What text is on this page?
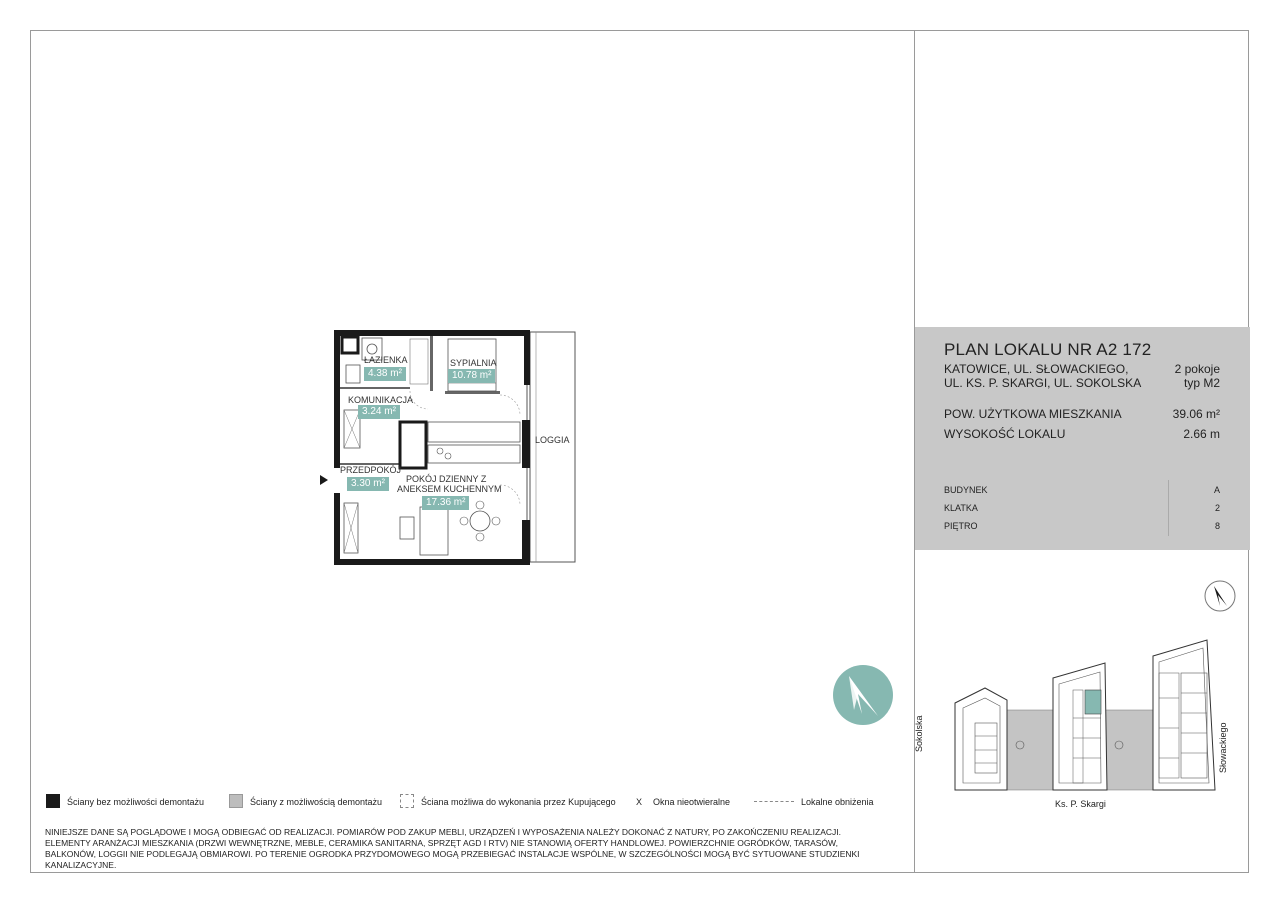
ŁAZIENKA
4.38 m²
SYPIALNIA
10.78 m²
KOMUNIKACJA
3.24 m²
PRZEDPOKÓJ
3.30 m²	POKÓJ DZIENNY Z
ANEKSEM KUCHENNYM
17.36 m²
LOGGIA
PLAN LOKALU NR A2 172
KATOWICE, UL. SŁOWACKIEGO,
UL. KS. P. SKARGI, UL. SOKOLSKA
2 pokoje
typ M2
POW. UŻYTKOWA MIESZKANIA	39.06 m²
WYSOKOŚĆ LOKALU	2.66 m
BUDYNEK	A
KLATKA	2
PIĘTRO	8
Sokolska
Ks. P. Skargi
Słowackiego
Ściany bez możliwości demontażu	Ściany z możliwością demontażu	Ściana możliwa do wykonania przez Kupującego X Okna nieotwieralne	Lokalne obniżenia
NINIEJSZE DANE SĄ POGLĄDOWE I MOGĄ ODBIEGAĆ OD REALIZACJI. POMIARÓW POD ZAKUP MEBLI, URZĄDZEŃ I WYPOSAŻENIA NALEŻY DOKONAĆ Z NATURY, PO ZAKOŃCZENIU REALIZACJI. ELEMENTY ARANŻACJI MIESZKANIA (DRZWI WEWNĘTRZNE, MEBLE, CERAMIKA SANITARNA, SPRZĘT AGD I RTV) NIE STANOWIĄ OFERTY HANDLOWEJ. POWIERZCHNIE OGRÓDKÓW, TARASÓW, BALKONÓW, LOGGII NIE PODLEGAJĄ OBMIAROWI. PO TERENIE OGRODKA PRZYDOMOWEGO MOGĄ PRZEBIEGAĆ INSTALACJE WSPÓLNE, W SZCZEGÓLNOŚCI MOGĄ BYĆ SYTUOWANE STUDZIENKI KANALIZACYJNE.
